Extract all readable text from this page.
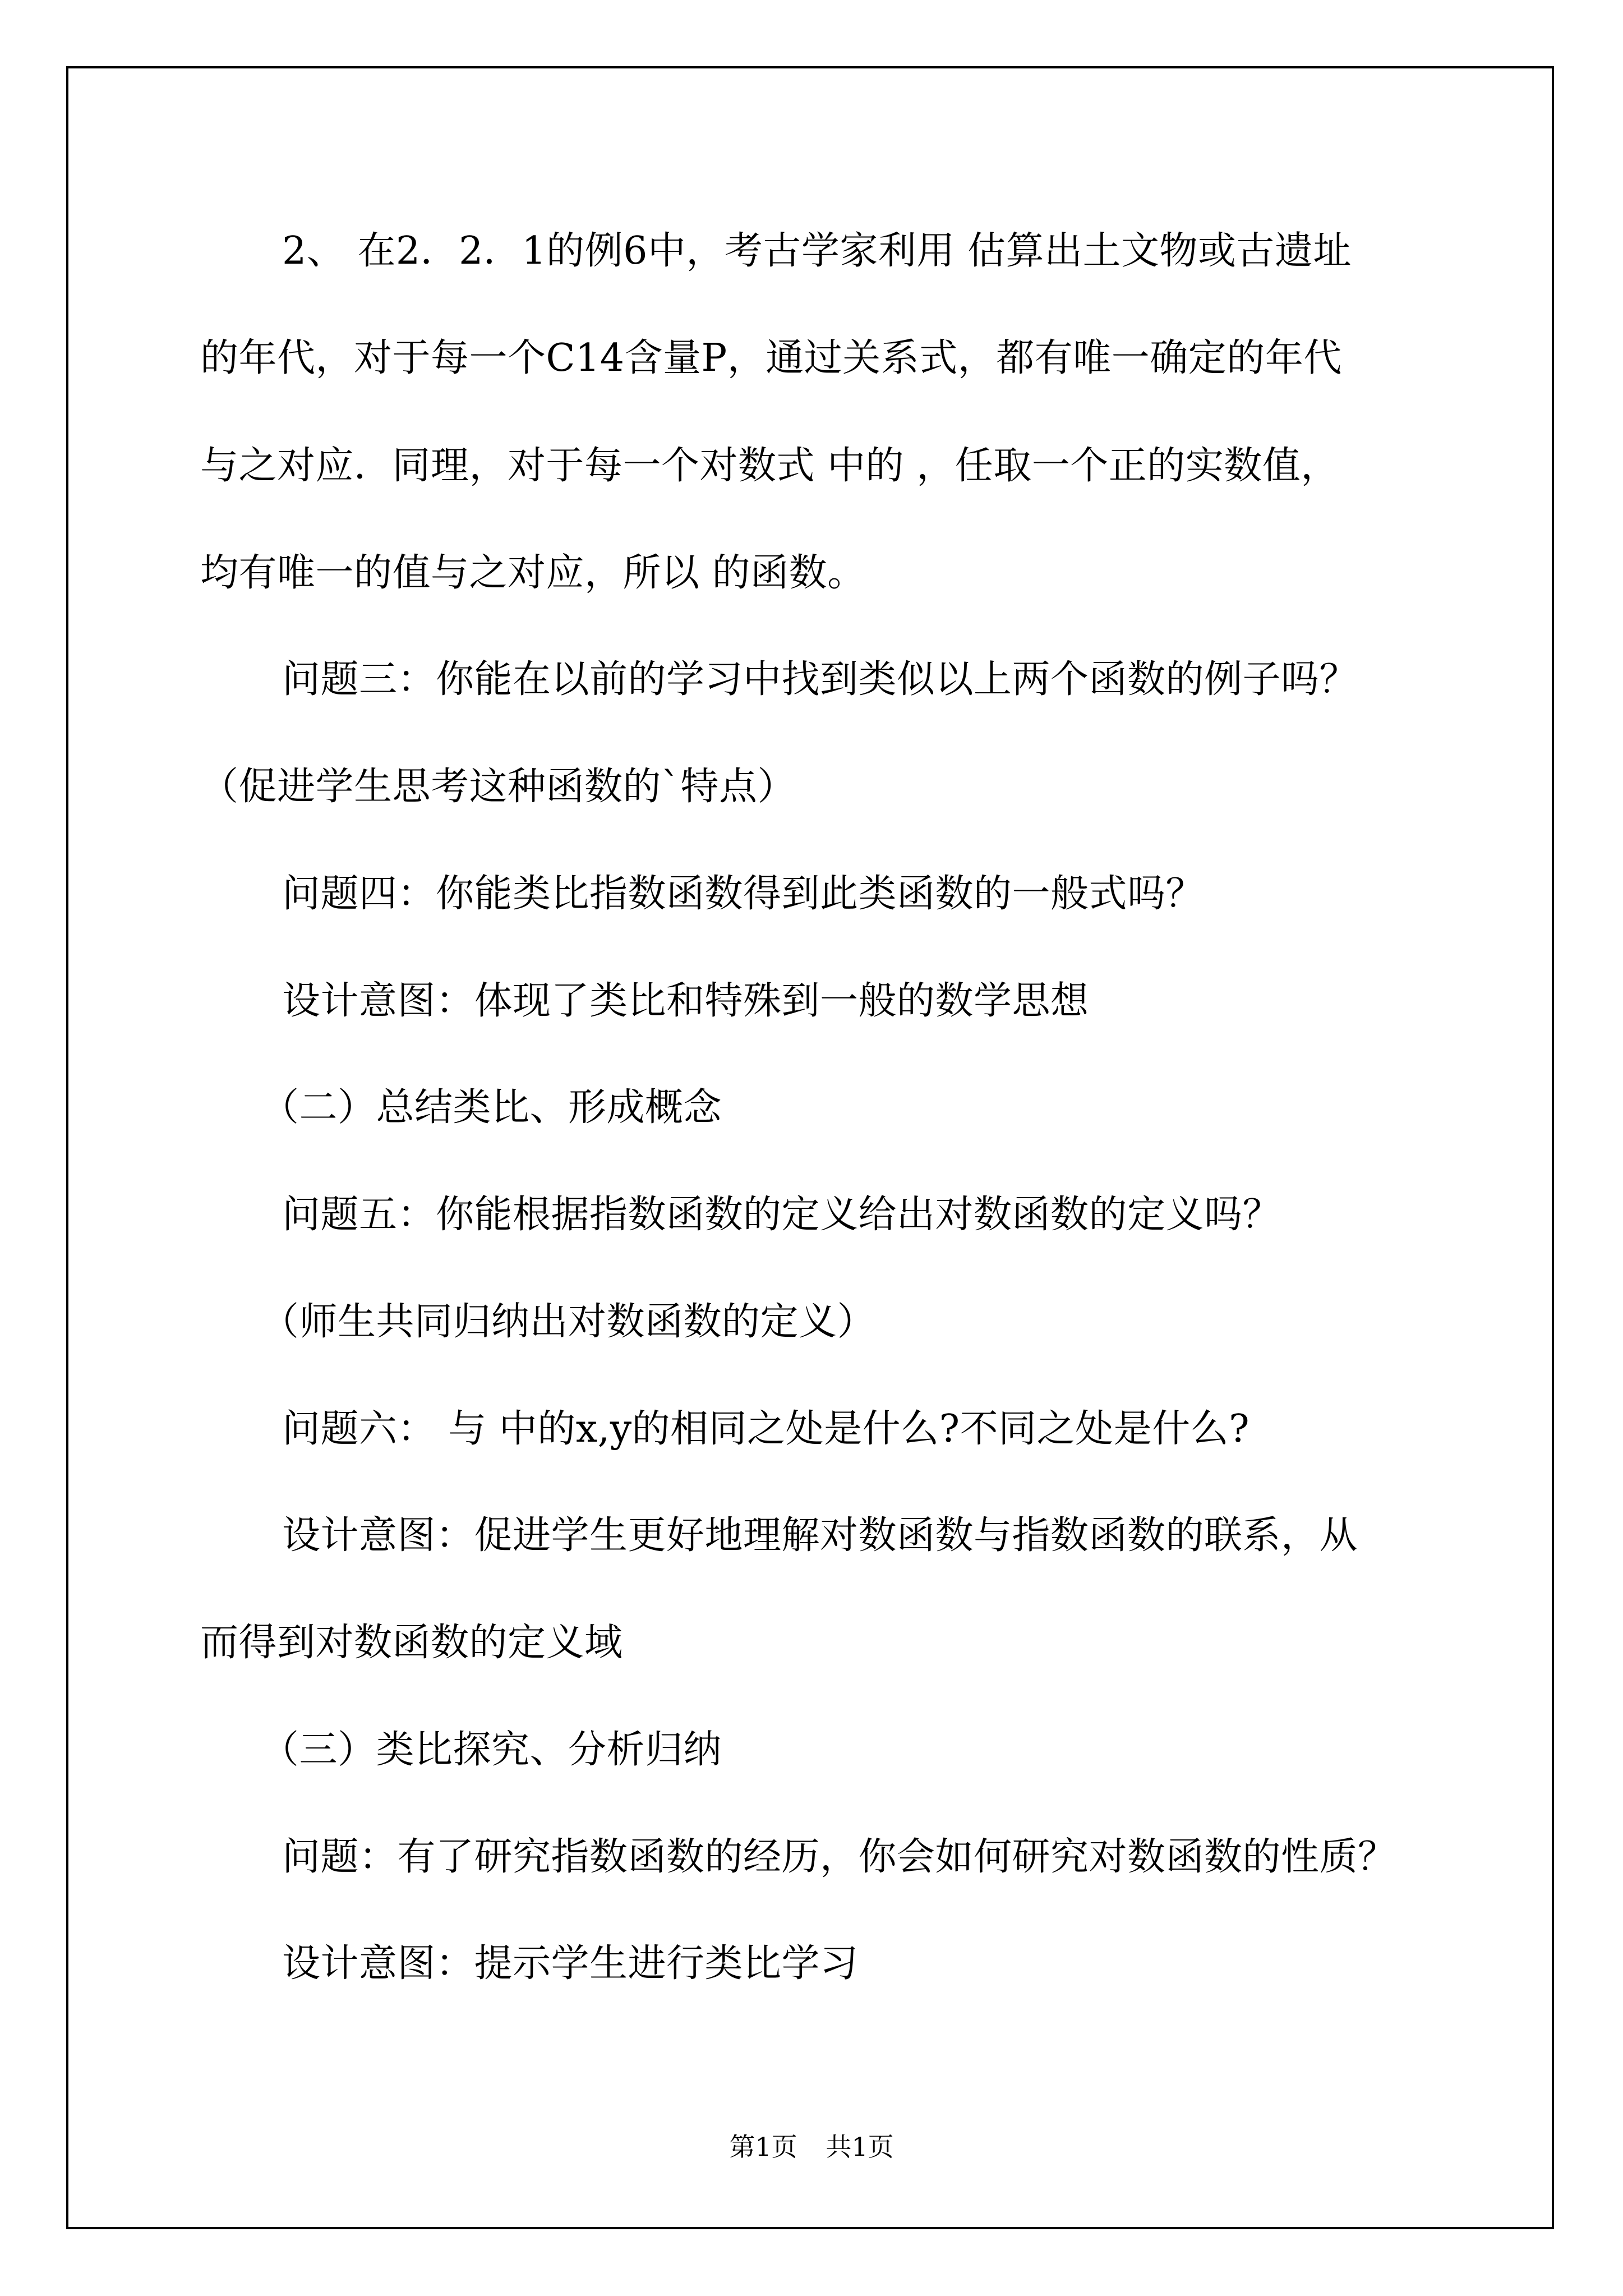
2、 在2．2．1的例6中，考古学家利用 估算出土文物或古遗址
的年代，对于每一个C14含量P，通过关系式，都有唯一确定的年代
与之对应．同理，对于每一个对数式 中的 ，任取一个正的实数值，
均有唯一的值与之对应，所以 的函数。
问题三：你能在以前的学习中找到类似以上两个函数的例子吗？
（促进学生思考这种函数的`特点）
问题四：你能类比指数函数得到此类函数的一般式吗？
设计意图：体现了类比和特殊到一般的数学思想
（二）总结类比、形成概念
问题五：你能根据指数函数的定义给出对数函数的定义吗？
（师生共同归纳出对数函数的定义）
问题六： 与 中的x,y的相同之处是什么?不同之处是什么?
设计意图：促进学生更好地理解对数函数与指数函数的联系，从
而得到对数函数的定义域
（三）类比探究、分析归纳
问题：有了研究指数函数的经历，你会如何研究对数函数的性质？
设计意图：提示学生进行类比学习
第1页 共1页
